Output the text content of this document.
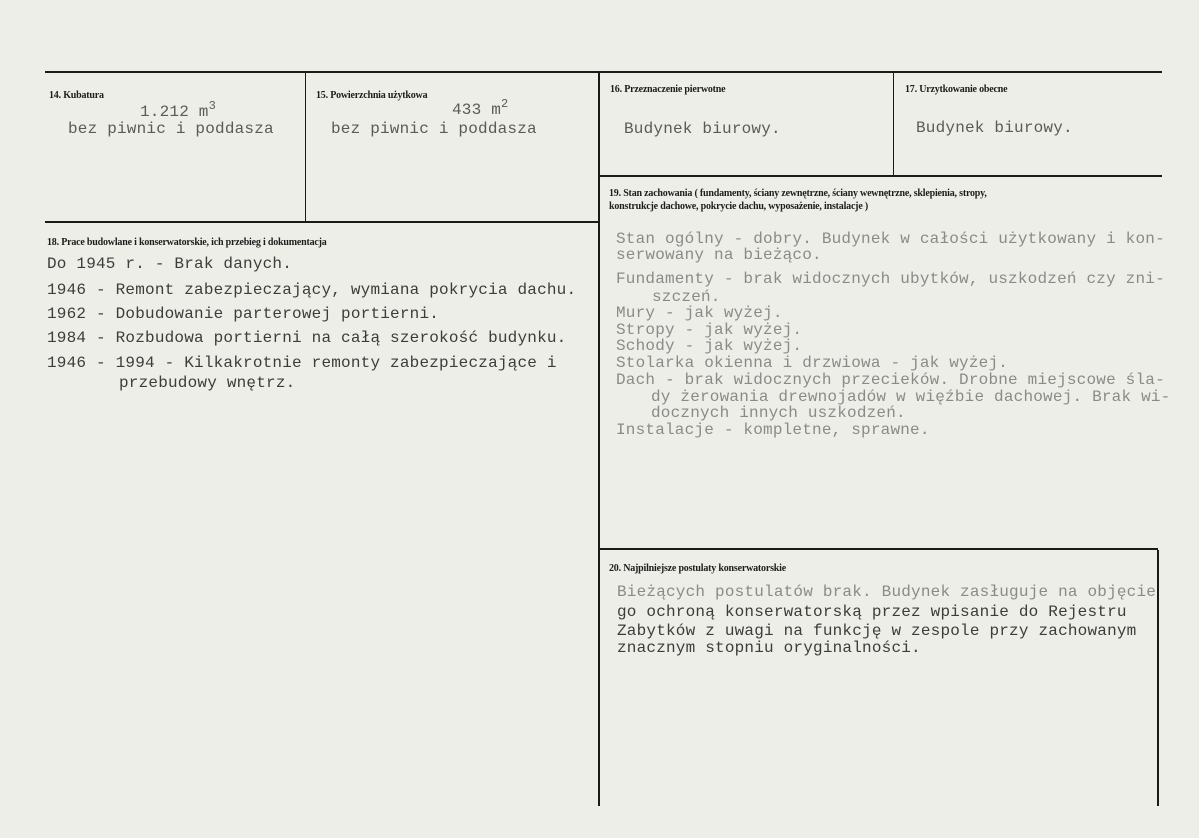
14. Kubatura
1.212 $m^3$
bez piwnic i poddasza
15. Powierzchnia użytkowa
433 $m^2$
bez piwnic i poddasza
16. Przeznaczenie pierwotne
Budynek biurowy.
17. Urzytkowanie obecne
Budynek biurowy.
18. Prace budowlane i konserwatorskie, ich przebieg i dokumentacja
Do 1945 r. - Brak danych.
1946 - Remont zabezpieczający, wymiana pokrycia dachu.
1962 - Dobudowanie parterowej portierni.
1984 - Rozbudowa portierni na całą szerokość budynku.
1946 - 1994 - Kilkakrotnie remonty zabezpieczające i
przebudowy wnętrz.
19. Stan zachowania ( fundamenty, ściany zewnętrzne, ściany wewnętrzne, sklepienia, stropy,
konstrukcje dachowe, pokrycie dachu, wyposażenie, instalacje )
Stan ogólny - dobry. Budynek w całości użytkowany i kon-
serwowany na bieżąco.
Fundamenty - brak widocznych ubytków, uszkodzeń czy zni-
szczeń.
Mury - jak wyżej.
Stropy - jak wyżej.
Schody - jak wyżej.
Stolarka okienna i drzwiowa - jak wyżej.
Dach - brak widocznych przecieków. Drobne miejscowe śla-
dy żerowania drewnojadów w więźbie dachowej. Brak wi-
docznych innych uszkodzeń.
Instalacje - kompletne, sprawne.
20. Najpilniejsze postulaty konserwatorskie
Bieżących postulatów brak. Budynek zasługuje na objęcie
go ochroną konserwatorską przez wpisanie do Rejestru
Zabytków z uwagi na funkcję w zespole przy zachowanym
znacznym stopniu oryginalności.
